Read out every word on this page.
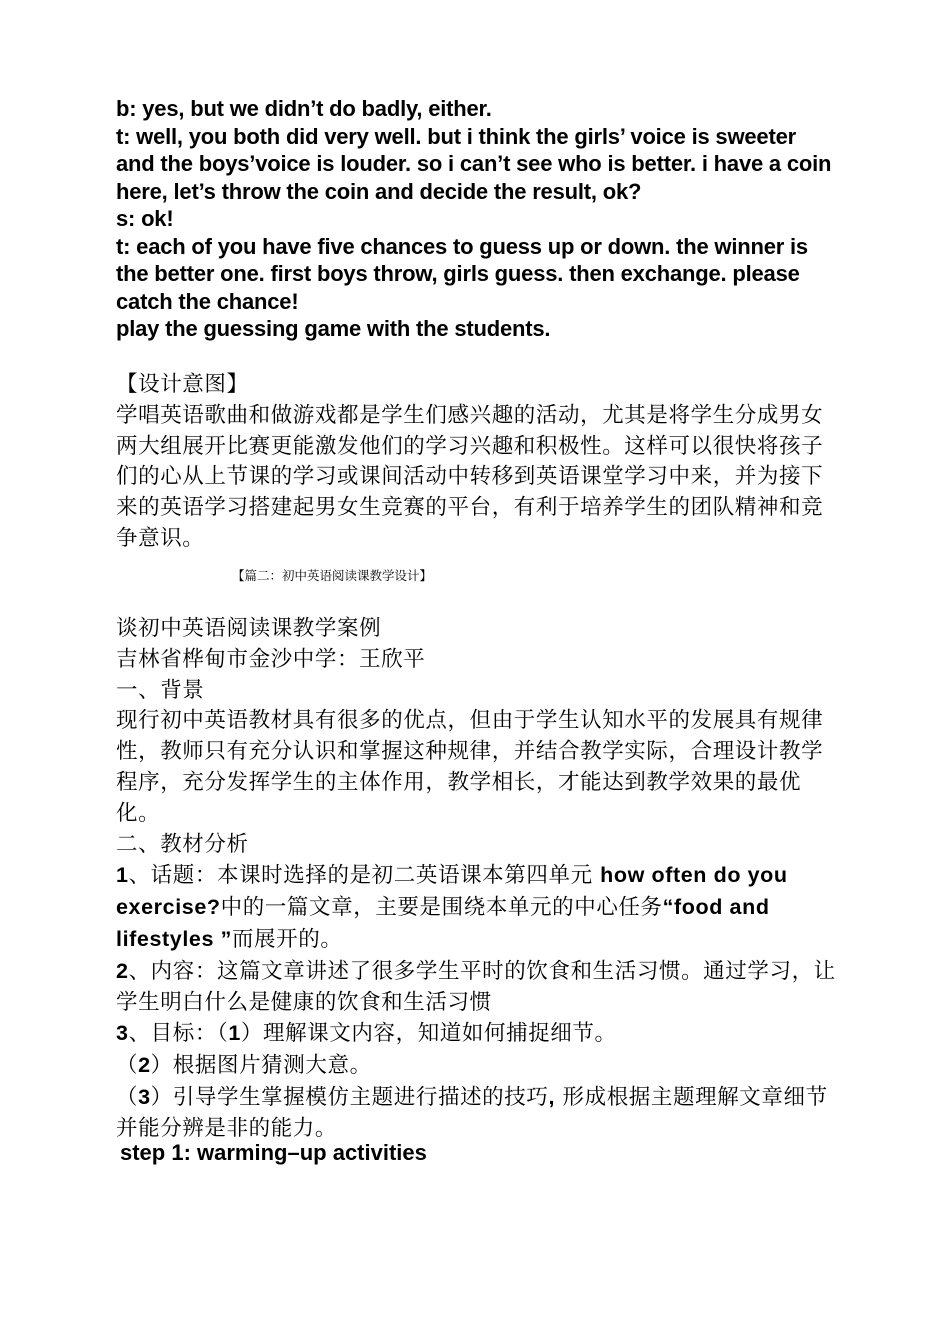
b: yes, but we didn’t do badly, either.

t: well, you both did very well. but i think the girls’ voice is sweeter and the boys’voice is louder. so i can’t see who is better. i have a coin here, let’s throw the coin and decide the result, ok?

s: ok!

t: each of you have five chances to guess up or down. the winner is the better one. first boys throw, girls guess. then exchange. please catch the chance!

play the guessing game with the students.

【设计意图】

学唱英语歌曲和做游戏都是学生们感兴趣的活动，尤其是将学生分成男女两大组展开比赛更能激发他们的学习兴趣和积极性。这样可以很快将孩子们的心从上节课的学习或课间活动中转移到英语课堂学习中来，并为接下来的英语学习搭建起男女生竞赛的平台，有利于培养学生的团队精神和竞争意识。

【篇二：初中英语阅读课教学设计】

谈初中英语阅读课教学案例

吉林省桦甸市金沙中学：王欣平

一、背景

现行初中英语教材具有很多的优点，但由于学生认知水平的发展具有规律性，教师只有充分认识和掌握这种规律，并结合教学实际，合理设计教学程序，充分发挥学生的主体作用，教学相长，才能达到教学效果的最优化。

二、教材分析

1、话题：本课时选择的是初二英语课本第四单元 how often do you exercise?中的一篇文章，主要是围绕本单元的中心任务“food and lifestyles ”而展开的。

2、内容：这篇文章讲述了很多学生平时的饮食和生活习惯。通过学习，让学生明白什么是健康的饮食和生活习惯

3、目标：（1）理解课文内容，知道如何捕捉细节。

（2）根据图片猜测大意。

（3）引导学生掌握模仿主题进行描述的技巧, 形成根据主题理解文章细节并能分辨是非的能力。

step 1: warming–up activities
